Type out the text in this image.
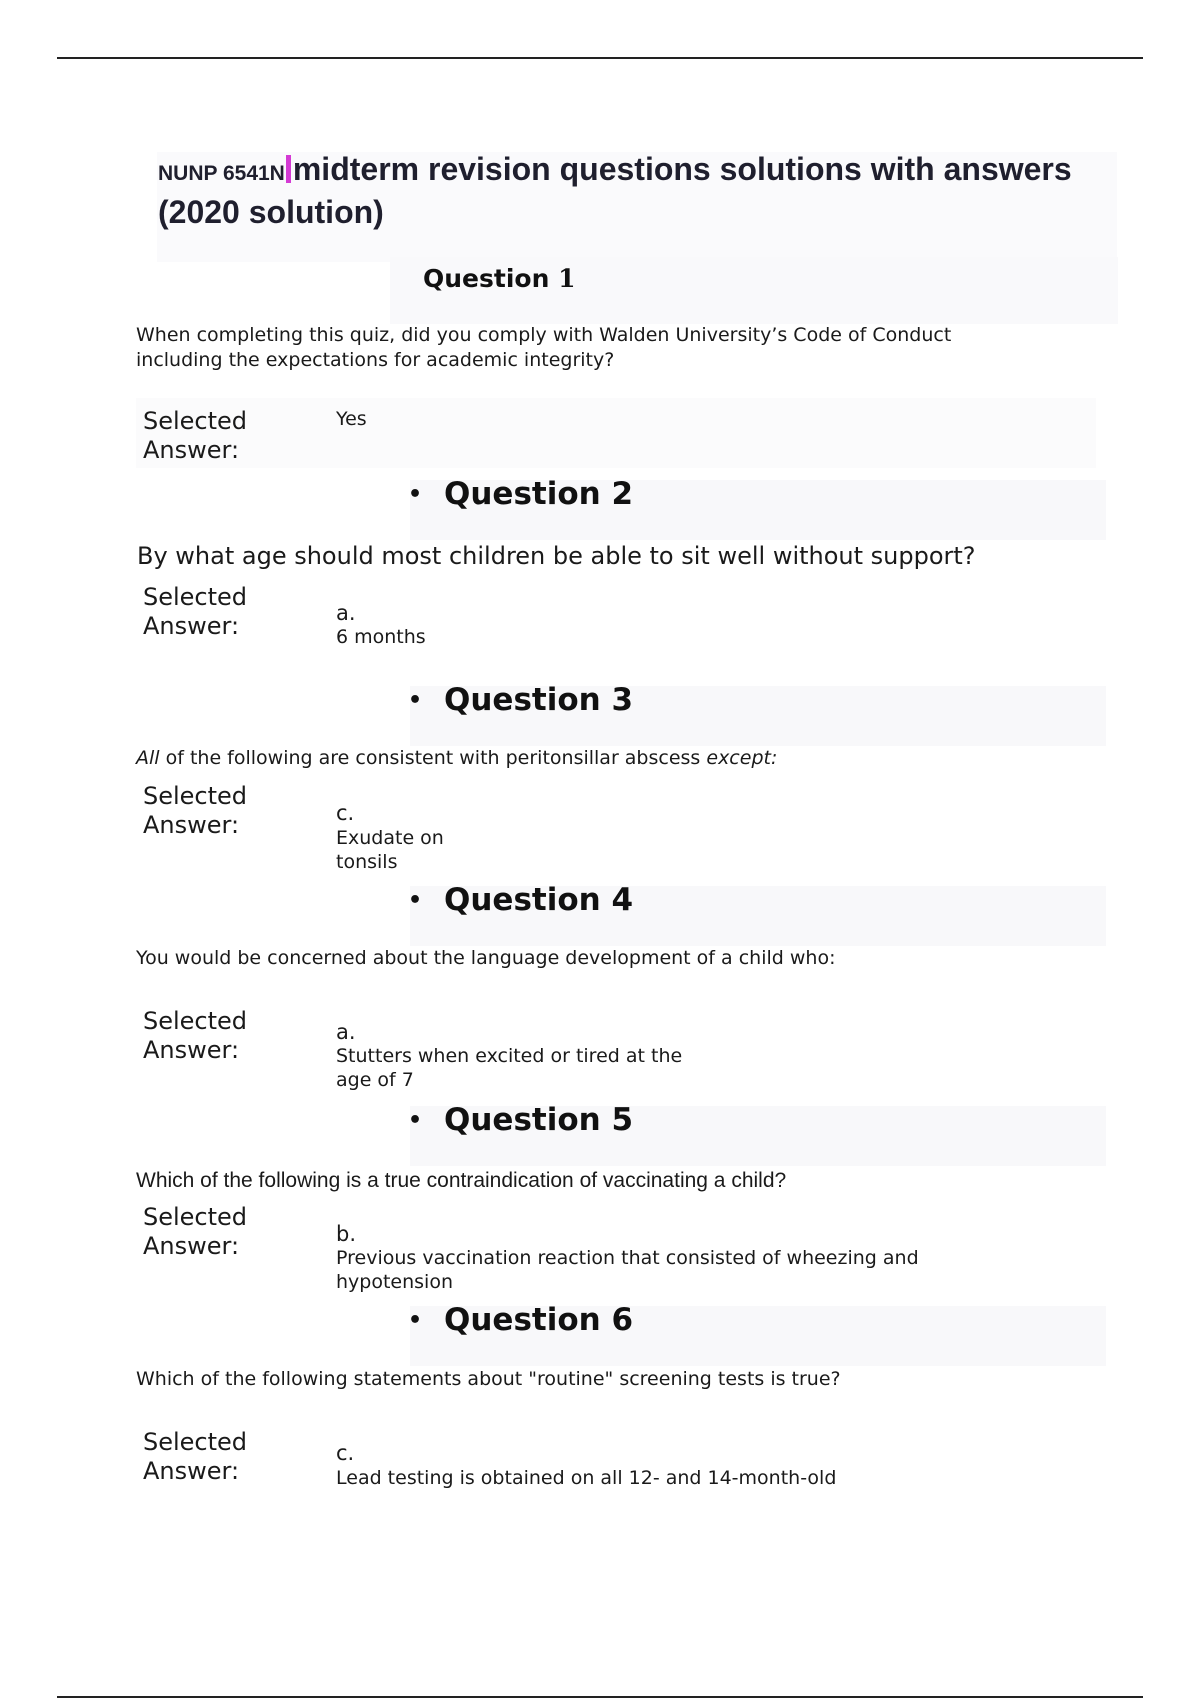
NUNP 6541N midterm revision questions solutions with answers (2020 solution)
Question 1

When completing this quiz, did you comply with Walden University’s Code of Conduct including the expectations for academic integrity?

Selected Answer:

Yes

• Question 2

By what age should most children be able to sit well without support?

Selected Answer:	a.

6 months

• Question 3

All of the following are consistent with peritonsillar abscess except:

Selected Answer:	c.

Exudate on tonsils

• Question 4

You would be concerned about the language development of a child who:

Selected Answer:

a.

Stutters when excited or tired at the age of 7

• Question 5

Which of the following is a true contraindication of vaccinating a child?

Selected Answer:	b.

Previous vaccination reaction that consisted of wheezing and hypotension

• Question 6

Which of the following statements about "routine" screening tests is true?

Selected Answer:

c.

Lead testing is obtained on all 12- and 14-month-old
